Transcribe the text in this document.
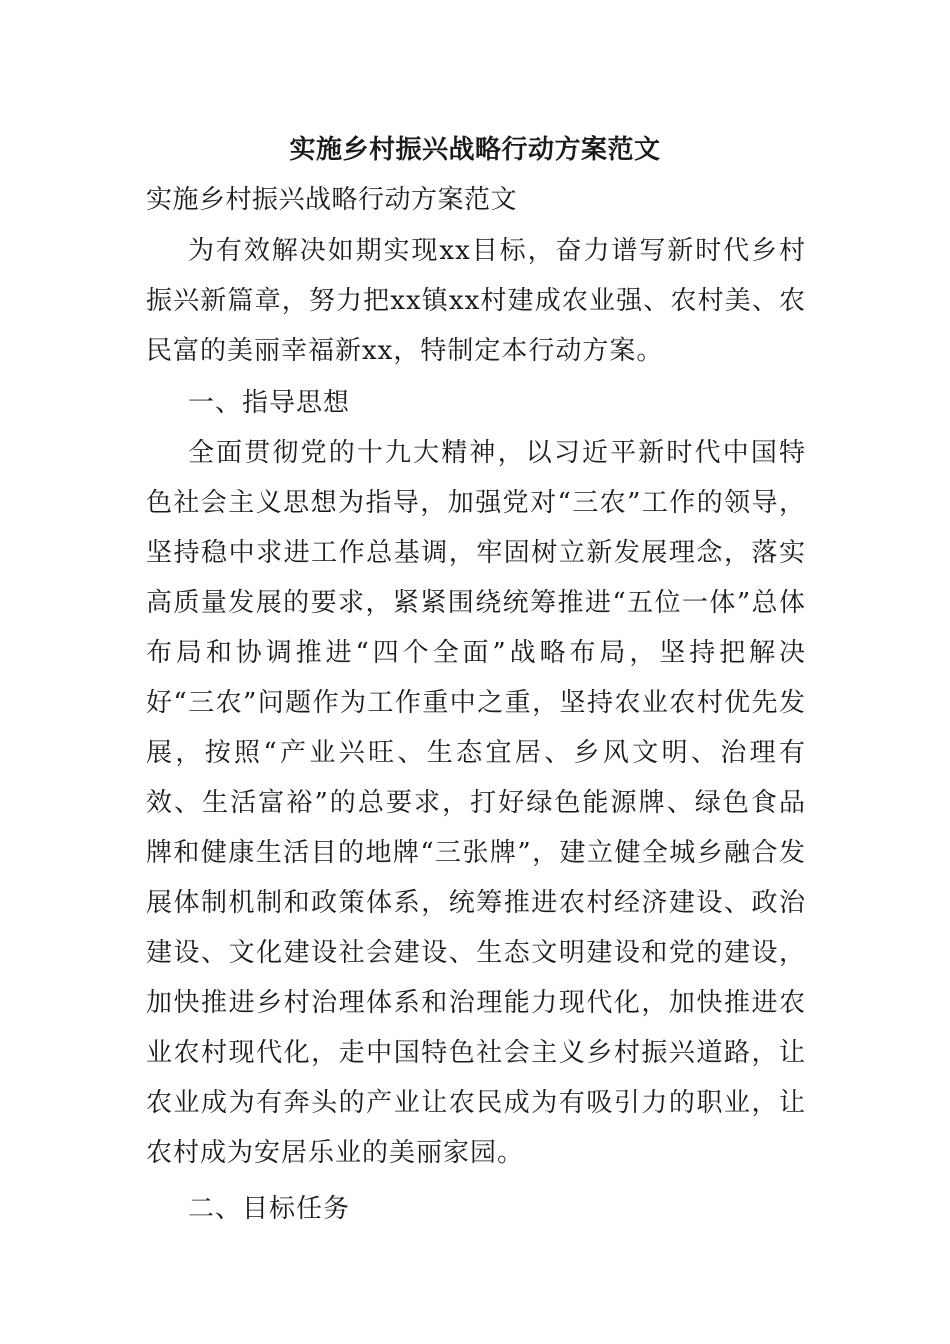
实施乡村振兴战略行动方案范文

实施乡村振兴战略行动方案范文

为有效解决如期实现xx目标，奋力谱写新时代乡村振兴新篇章，努力把xx镇xx村建成农业强、农村美、农民富的美丽幸福新xx，特制定本行动方案。

一、指导思想

全面贯彻党的十九大精神，以习近平新时代中国特色社会主义思想为指导，加强党对“三农”工作的领导，坚持稳中求进工作总基调，牢固树立新发展理念，落实高质量发展的要求，紧紧围绕统筹推进“五位一体”总体布局和协调推进“四个全面”战略布局，坚持把解决好“三农”问题作为工作重中之重，坚持农业农村优先发展，按照“产业兴旺、生态宜居、乡风文明、治理有效、生活富裕”的总要求，打好绿色能源牌、绿色食品牌和健康生活目的地牌“三张牌”，建立健全城乡融合发展体制机制和政策体系，统筹推进农村经济建设、政治建设、文化建设社会建设、生态文明建设和党的建设，加快推进乡村治理体系和治理能力现代化，加快推进农业农村现代化，走中国特色社会主义乡村振兴道路，让农业成为有奔头的产业让农民成为有吸引力的职业，让农村成为安居乐业的美丽家园。

二、目标任务
